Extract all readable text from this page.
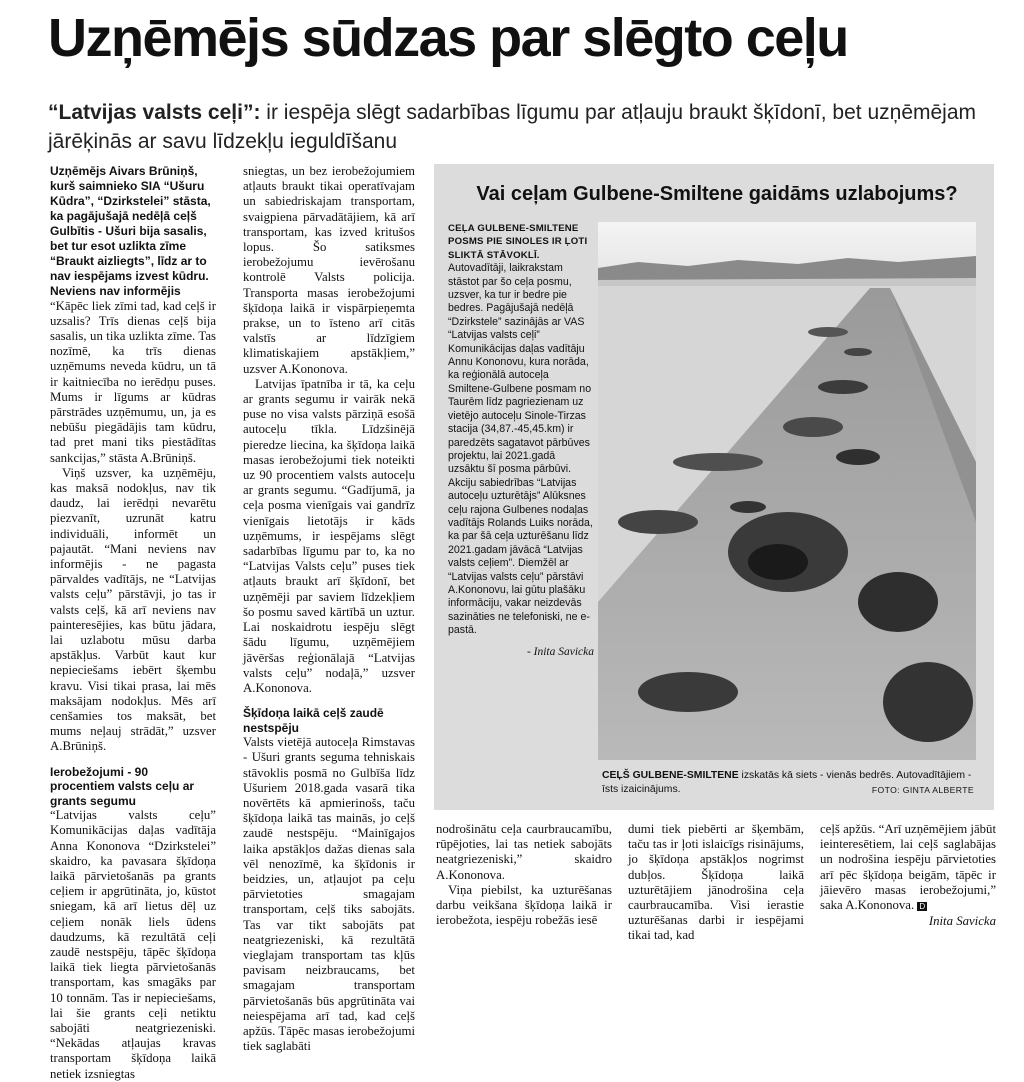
Uzņēmējs sūdzas par slēgto ceļu
“Latvijas valsts ceļi”: ir iespēja slēgt sadarbības līgumu par atļauju braukt šķīdonī, bet uzņēmējam jārēķinās ar savu līdzekļu ieguldīšanu

Uzņēmējs Aivars Brūniņš, kurš saimnieko SIA “Ušuru Kūdra”, “Dzirkstelei” stāsta, ka pagājušajā nedēļā ceļš Gulbītis - Ušuri bija sasalis, bet tur esot uzlikta zīme “Braukt aizliegts”, līdz ar to nav iespējams izvest kūdru.

Neviens nav informējis

“Kāpēc liek zīmi tad, kad ceļš ir uzsalis? Trīs dienas ceļš bija sasalis, un tika uzlikta zīme. Tas nozīmē, ka trīs dienas uzņēmums neveda kūdru, un tā ir kaitniecība no ierēdņu puses. Mums ir līgums ar kūdras pārstrādes uzņēmumu, un, ja es nebūšu piegādājis tam kūdru, tad pret mani tiks piestādītas sankcijas,” stāsta A.Brūniņš.

Viņš uzsver, ka uzņēmēju, kas maksā nodokļus, nav tik daudz, lai ierēdņi nevarētu piezvanīt, uzrunāt katru individuāli, informēt un pajautāt. “Mani neviens nav informējis - ne pagasta pārvaldes vadītājs, ne “Latvijas valsts ceļu” pārstāvji, jo tas ir valsts ceļš, kā arī neviens nav painteresējies, kas būtu jādara, lai uzlabotu mūsu darba apstākļus. Varbūt kaut kur nepieciešams iebērt šķembu kravu. Visi tikai prasa, lai mēs maksājam nodokļus. Mēs arī cenšamies tos maksāt, bet mums neļauj strādāt,” uzsver A.Brūniņš.

Ierobežojumi - 90 procentiem valsts ceļu ar grants segumu

“Latvijas valsts ceļu” Komunikācijas daļas vadītāja Anna Kononova “Dzirkstelei” skaidro, ka pavasara šķīdoņa laikā pārvietošanās pa grants ceļiem ir apgrūtināta, jo, kūstot sniegam, kā arī lietus dēļ uz ceļiem nonāk liels ūdens daudzums, kā rezultātā ceļi zaudē nestspēju, tāpēc šķīdoņa laikā tiek liegta pārvietošanās transportam, kas smagāks par 10 tonnām. Tas ir nepieciešams, lai šie grants ceļi netiktu sabojāti neatgriezeniski. “Nekādas atļaujas kravas transportam šķīdoņa laikā netiek izsniegtas

sniegtas, un bez ierobežojumiem atļauts braukt tikai operatīvajam un sabiedriskajam transportam, svaigpiena pārvadātājiem, kā arī transportam, kas izved kritušos lopus. Šo satiksmes ierobežojumu ievērošanu kontrolē Valsts policija. Transporta masas ierobežojumi šķīdoņa laikā ir vispārpieņemta prakse, un to īsteno arī citās valstīs ar līdzīgiem klimatiskajiem apstākļiem,” uzsver A.Kononova.

Latvijas īpatnība ir tā, ka ceļu ar grants segumu ir vairāk nekā puse no visa valsts pārziņā esošā autoceļu tīkla. Līdzšinējā pieredze liecina, ka šķīdoņa laikā masas ierobežojumi tiek noteikti uz 90 procentiem valsts autoceļu ar grants segumu. “Gadījumā, ja ceļa posma vienīgais vai gandrīz vienīgais lietotājs ir kāds uzņēmums, ir iespējams slēgt sadarbības līgumu par to, ka no “Latvijas Valsts ceļu” puses tiek atļauts braukt arī šķīdonī, bet uzņēmēji par saviem līdzekļiem šo posmu saved kārtībā un uztur. Lai noskaidrotu iespēju slēgt šādu līgumu, uzņēmējiem jāvēršas reģionālajā “Latvijas valsts ceļu” nodaļā,” uzsver A.Kononova.

Šķīdoņa laikā ceļš zaudē nestspēju

Valsts vietējā autoceļa Rimstavas - Ušuri grants seguma tehniskais stāvoklis posmā no Gulbīša līdz Ušuriem 2018.gada vasarā tika novērtēts kā apmierinošs, taču šķīdoņa laikā tas mainās, jo ceļš zaudē nestspēju. “Mainīgajos laika apstākļos dažas dienas sala vēl nenozīmē, ka šķīdonis ir beidzies, un, atļaujot pa ceļu pārvietoties smagajam transportam, ceļš tiks sabojāts. Tas var tikt sabojāts pat neatgriezeniski, kā rezultātā vieglajam transportam tas kļūs pavisam neizbraucams, bet smagajam transportam pārvietošanās būs apgrūtināta vai neiespējama arī tad, kad ceļš apžūs. Tāpēc masas ierobežojumi tiek saglabāti

Vai ceļam Gulbene-Smiltene gaidāms uzlabojums?

CEĻA GULBENE-SMILTENE POSMS PIE SINOLES IR ĻOTI SLIKTĀ STĀVOKLĪ. Autovadītāji, laikrakstam stāstot par šo ceļa posmu, uzsver, ka tur ir bedre pie bedres. Pagājušajā nedēļā “Dzirkstele” sazinājās ar VAS “Latvijas valsts ceļi” Komunikācijas daļas vadītāju Annu Kononovu, kura norāda, ka reģionālā autoceļa Smiltene-Gulbene posmam no Taurēm līdz pagriezienam uz vietējo autoceļu Sinole-Tirzas stacija (34,87.-45,45.km) ir paredzēts sagatavot pārbūves projektu, lai 2021.gadā uzsāktu šī posma pārbūvi.

Akciju sabiedrības “Latvijas autoceļu uzturētājs” Alūksnes ceļu rajona Gulbenes nodaļas vadītājs Rolands Luiks norāda, ka par šā ceļa uzturēšanu līdz 2021.gadam jāvācā “Latvijas valsts ceļiem”. Diemžēl ar “Latvijas valsts ceļu” pārstāvi A.Kononovu, lai gūtu plašāku informāciju, vakar neizdevās sazināties ne telefoniski, ne e-pastā.

- Inita Savicka

CEĻŠ GULBENE-SMILTENE izskatās kā siets - vienās bedrēs. Autovadītājiem - īsts izaicinājums.	FOTO: GINTA ALBERTE

nodrošinātu ceļa caurbraucamību, rūpējoties, lai tas netiek sabojāts neatgriezeniski,” skaidro A.Kononova.

Viņa piebilst, ka uzturēšanas darbu veikšana šķīdoņa laikā ir ierobežota, iespēju robežās iesē

dumi tiek piebērti ar šķembām, taču tas ir ļoti islaicīgs risinājums, jo šķīdoņa apstākļos nogrimst dubļos. Šķīdoņa laikā uzturētājiem jānodrošina ceļa caurbraucamība. Visi ierastie uzturēšanas darbi ir iespējami tikai tad, kad

ceļš apžūs. “Arī uzņēmējiem jābūt ieinteresētiem, lai ceļš saglabājas un nodrošina iespēju pārvietoties arī pēc šķīdoņa beigām, tāpēc ir jāievēro masas ierobežojumi,” saka A.Kononova. D

Inita Savicka
